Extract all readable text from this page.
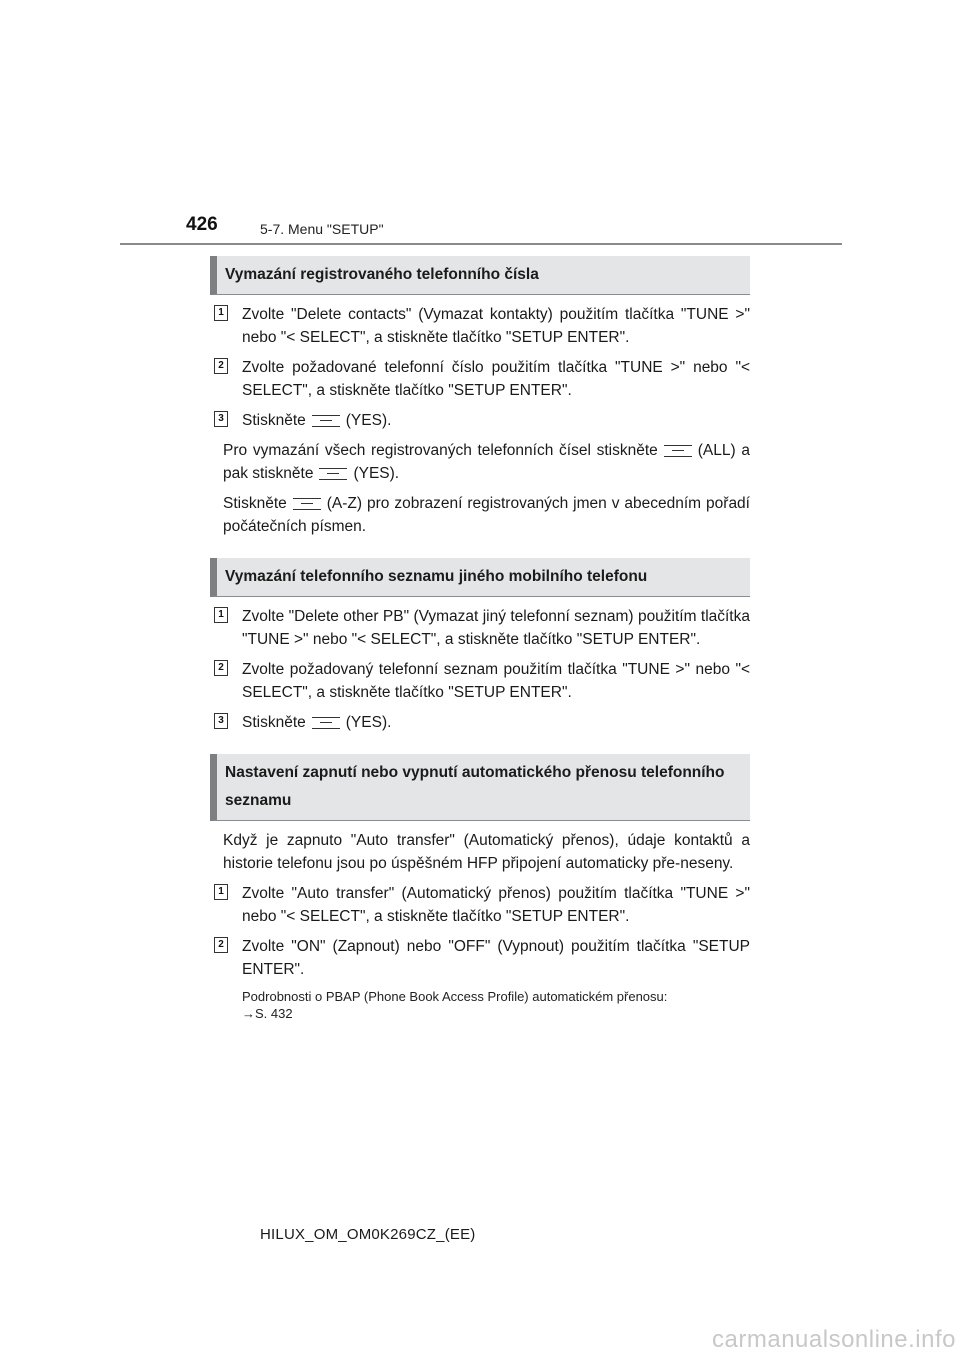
426	5-7. Menu "SETUP"
Vymazání registrovaného telefonního čísla
1 Zvolte "Delete contacts" (Vymazat kontakty) použitím tlačítka "TUNE >" nebo "< SELECT", a stiskněte tlačítko "SETUP ENTER".
2 Zvolte požadované telefonní číslo použitím tlačítka "TUNE >" nebo "< SELECT", a stiskněte tlačítko "SETUP ENTER".
3 Stiskněte	(YES).
Pro vymazání všech registrovaných telefonních čísel stiskněte	(ALL) a pak stiskněte	(YES).
Stiskněte	(A-Z) pro zobrazení registrovaných jmen v abecedním pořadí počátečních písmen.
Vymazání telefonního seznamu jiného mobilního telefonu
1 Zvolte "Delete other PB" (Vymazat jiný telefonní seznam) použitím tlačítka "TUNE >" nebo "< SELECT", a stiskněte tlačítko "SETUP ENTER".
2 Zvolte požadovaný telefonní seznam použitím tlačítka "TUNE >" nebo "< SELECT", a stiskněte tlačítko "SETUP ENTER".
3 Stiskněte	(YES).
Nastavení zapnutí nebo vypnutí automatického přenosu telefonního seznamu
Když je zapnuto "Auto transfer" (Automatický přenos), údaje kontaktů a historie telefonu jsou po úspěšném HFP připojení automaticky pře-neseny.
1 Zvolte "Auto transfer" (Automatický přenos) použitím tlačítka "TUNE >" nebo "< SELECT", a stiskněte tlačítko "SETUP ENTER".
2 Zvolte "ON" (Zapnout) nebo "OFF" (Vypnout) použitím tlačítka "SETUP ENTER".
Podrobnosti o PBAP (Phone Book Access Profile) automatickém přenosu:
→S. 432
HILUX_OM_OM0K269CZ_(EE)
carmanualsonline.info
